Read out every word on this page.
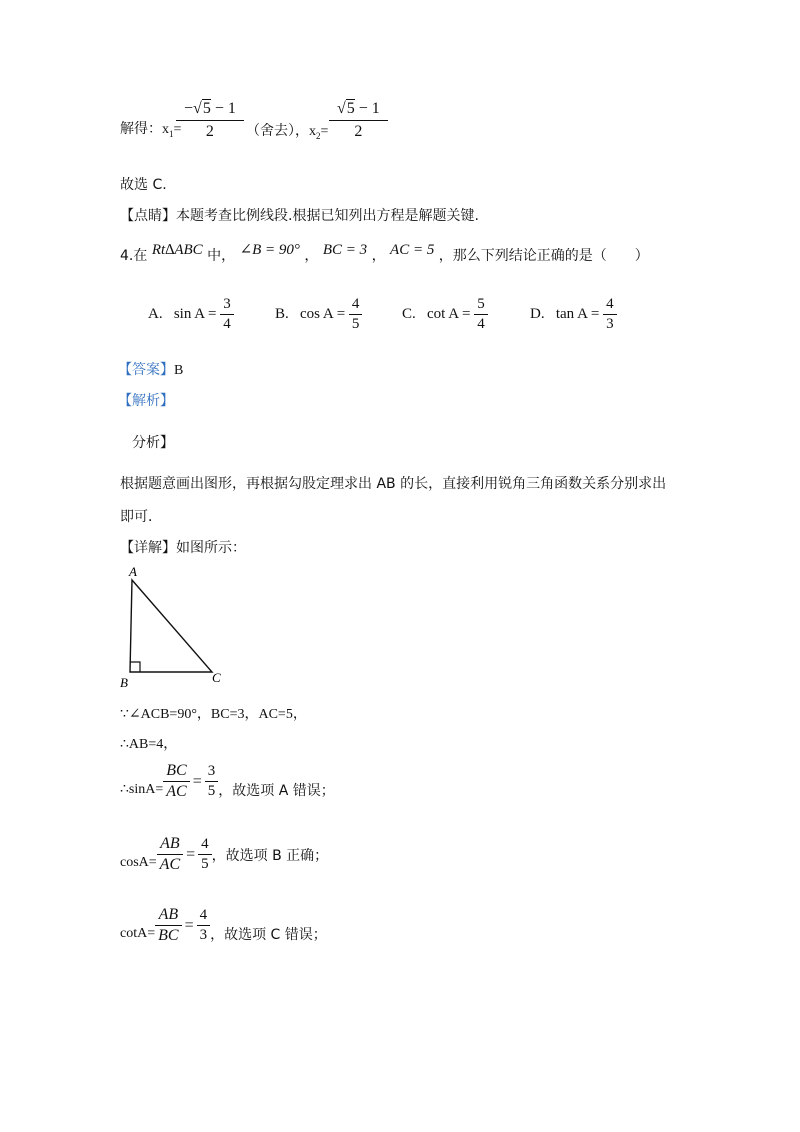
解得：$x_1=$
$\frac{-√5 - 1}{2}$ （舍去），$x_2= \frac{√5 - 1}{2}$
故选 C.
【点睛】本题考查比例线段.根据已知列出方程是解题关键.
4.在 Rt∆ABC 中， ∠B = 90° ， BC = 3 ， AC = 5 ，那么下列结论正确的是（　　）
A. $\sin A = \frac{3}{4}$	B. $\cos A = \frac{4}{5}$	C. $\cot A = \frac{5}{4}$	D. $\tan A = \frac{4}{3}$
【答案】B
【解析】
分析】
根据题意画出图形，再根据勾股定理求出 AB 的长，直接利用锐角三角函数关系分别求出
即可．
【详解】如图所示：
A
B	C
∵∠ACB=90°，BC=3，AC=5，
∴AB=4，
∴sinA= $\frac{BC}{AC} = \frac{3}{5}$ ，故选项 A 错误；
$\cos A= \frac{AB}{AC} = \frac{4}{5}$ ，故选项 B 正确；
$\cot A= \frac{AB}{BC} = \frac{4}{3}$ ，故选项 C 错误；
